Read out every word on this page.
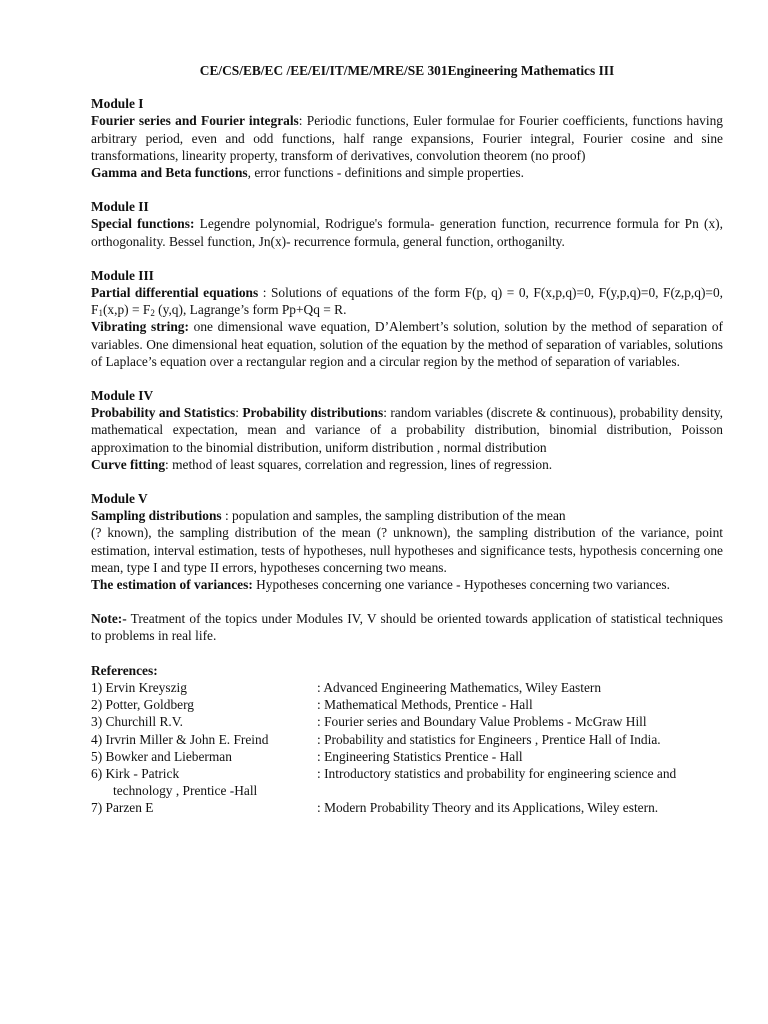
CE/CS/EB/EC /EE/EI/IT/ME/MRE/SE 301Engineering Mathematics III

Module I

Fourier series and Fourier integrals: Periodic functions, Euler formulae for Fourier coefficients, functions having arbitrary period, even and odd functions, half range expansions, Fourier integral, Fourier cosine and sine transformations, linearity property, transform of derivatives, convolution theorem (no proof)

Gamma and Beta functions, error functions - definitions and simple properties.

Module II

Special functions: Legendre polynomial, Rodrigue's formula- generation function, recurrence formula for Pn (x), orthogonality. Bessel function, Jn(x)- recurrence formula, general function, orthoganilty.

Module III

Partial differential equations : Solutions of equations of the form F(p, q) = 0, F(x,p,q)=0, F(y,p,q)=0, F(z,p,q)=0, $F_1(x,p) = F_2$ (y,q), Lagrange’s form Pp+Qq = R.

Vibrating string: one dimensional wave equation, D’Alembert’s solution, solution by the method of separation of variables. One dimensional heat equation, solution of the equation by the method of separation of variables, solutions of Laplace’s equation over a rectangular region and a circular region by the method of separation of variables.

Module IV

Probability and Statistics: Probability distributions: random variables (discrete & continuous), probability density, mathematical expectation, mean and variance of a probability distribution, binomial distribution, Poisson approximation to the binomial distribution, uniform distribution , normal distribution

Curve fitting: method of least squares, correlation and regression, lines of regression.

Module V

Sampling distributions : population and samples, the sampling distribution of the mean

(? known), the sampling distribution of the mean (? unknown), the sampling distribution of the variance, point estimation, interval estimation, tests of hypotheses, null hypotheses and significance tests, hypothesis concerning one mean, type I and type II errors, hypotheses concerning two means.

The estimation of variances: Hypotheses concerning one variance - Hypotheses concerning two variances.

Note:- Treatment of the topics under Modules IV, V should be oriented towards application of statistical techniques to problems in real life.

References:

1) Ervin Kreyszig	: Advanced Engineering Mathematics, Wiley Eastern
2) Potter, Goldberg	: Mathematical Methods, Prentice - Hall
3) Churchill R.V.	: Fourier series and Boundary Value Problems - McGraw Hill
4) Irvrin Miller & John E. Freind	: Probability and statistics for Engineers , Prentice Hall of India.
5) Bowker and Lieberman	: Engineering Statistics Prentice - Hall
6) Kirk - Patrick	: Introductory statistics and probability for engineering science and
technology , Prentice -Hall
7) Parzen E	: Modern Probability Theory and its Applications, Wiley estern.
